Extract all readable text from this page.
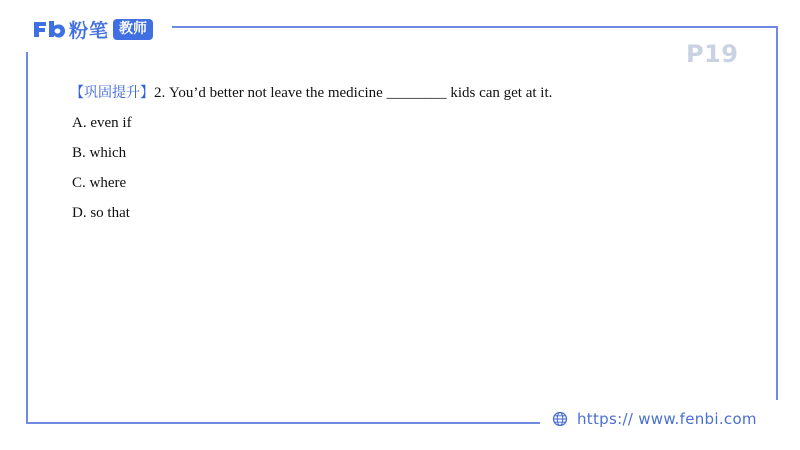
粉笔 教师
P19
【巩固提升】2. You’d better not leave the medicine ________ kids can get at it.
A. even if
B. which
C. where
D. so that
https:// www.fenbi.com
